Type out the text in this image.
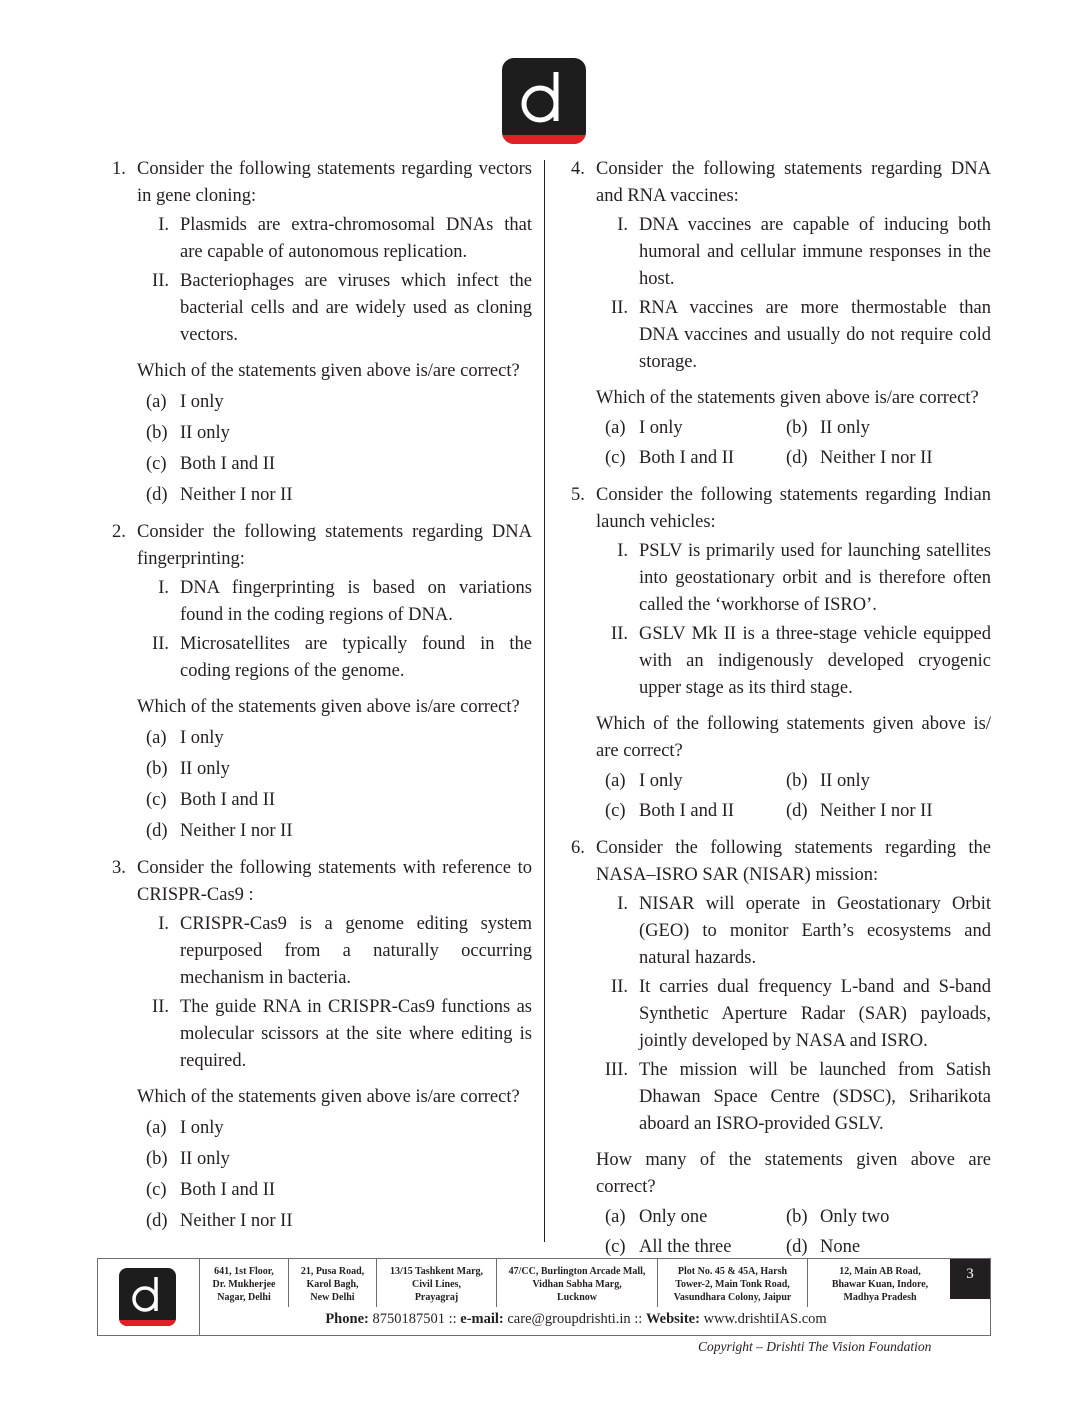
1. Consider the following statements regarding vectors in gene cloning:
I. Plasmids are extra-chromosomal DNAs that are capable of autonomous replication.
II. Bacteriophages are viruses which infect the bacterial cells and are widely used as cloning vectors.
Which of the statements given above is/are correct?
(a) I only
(b) II only
(c) Both I and II
(d) Neither I nor II
2. Consider the following statements regarding DNA fingerprinting:
I. DNA fingerprinting is based on variations found in the coding regions of DNA.
II. Microsatellites are typically found in the coding regions of the genome.
Which of the statements given above is/are correct?
(a) I only
(b) II only
(c) Both I and II
(d) Neither I nor II
3. Consider the following statements with reference to CRISPR-Cas9 :
I. CRISPR-Cas9 is a genome editing system repurposed from a naturally occurring mechanism in bacteria.
II. The guide RNA in CRISPR-Cas9 functions as molecular scissors at the site where editing is required.
Which of the statements given above is/are correct?
(a) I only
(b) II only
(c) Both I and II
(d) Neither I nor II
4. Consider the following statements regarding DNA and RNA vaccines:
I. DNA vaccines are capable of inducing both humoral and cellular immune responses in the host.
II. RNA vaccines are more thermostable than DNA vaccines and usually do not require cold storage.
Which of the statements given above is/are correct?
(a) I only	(b) II only
(c) Both I and II	(d) Neither I nor II
5. Consider the following statements regarding Indian launch vehicles:
I. PSLV is primarily used for launching satellites into geostationary orbit and is therefore often called the ‘workhorse of ISRO’.
II. GSLV Mk II is a three-stage vehicle equipped with an indigenously developed cryogenic upper stage as its third stage.
Which of the following statements given above is/ are correct?
(a) I only	(b) II only
(c) Both I and II	(d) Neither I nor II
6. Consider the following statements regarding the NASA–ISRO SAR (NISAR) mission:
I. NISAR will operate in Geostationary Orbit (GEO) to monitor Earth’s ecosystems and natural hazards.
II. It carries dual frequency L-band and S-band Synthetic Aperture Radar (SAR) payloads, jointly developed by NASA and ISRO.
III. The mission will be launched from Satish Dhawan Space Centre (SDSC), Sriharikota aboard an ISRO-provided GSLV.
How many of the statements given above are correct?
(a) Only one	(b) Only two
(c) All the three	(d) None
641, 1st Floor,
Dr. Mukherjee
Nagar, Delhi
21, Pusa Road,
Karol Bagh,
New Delhi
13/15 Tashkent Marg,
Civil Lines,
Prayagraj
47/CC, Burlington Arcade Mall,
Vidhan Sabha Marg,
Lucknow
Plot No. 45 & 45A, Harsh
Tower-2, Main Tonk Road,
Vasundhara Colony, Jaipur
12, Main AB Road,
Bhawar Kuan, Indore,
Madhya Pradesh
3
Phone: 8750187501 :: e-mail: care@groupdrishti.in :: Website: www.drishtiIAS.com
Copyright – Drishti The Vision Foundation
